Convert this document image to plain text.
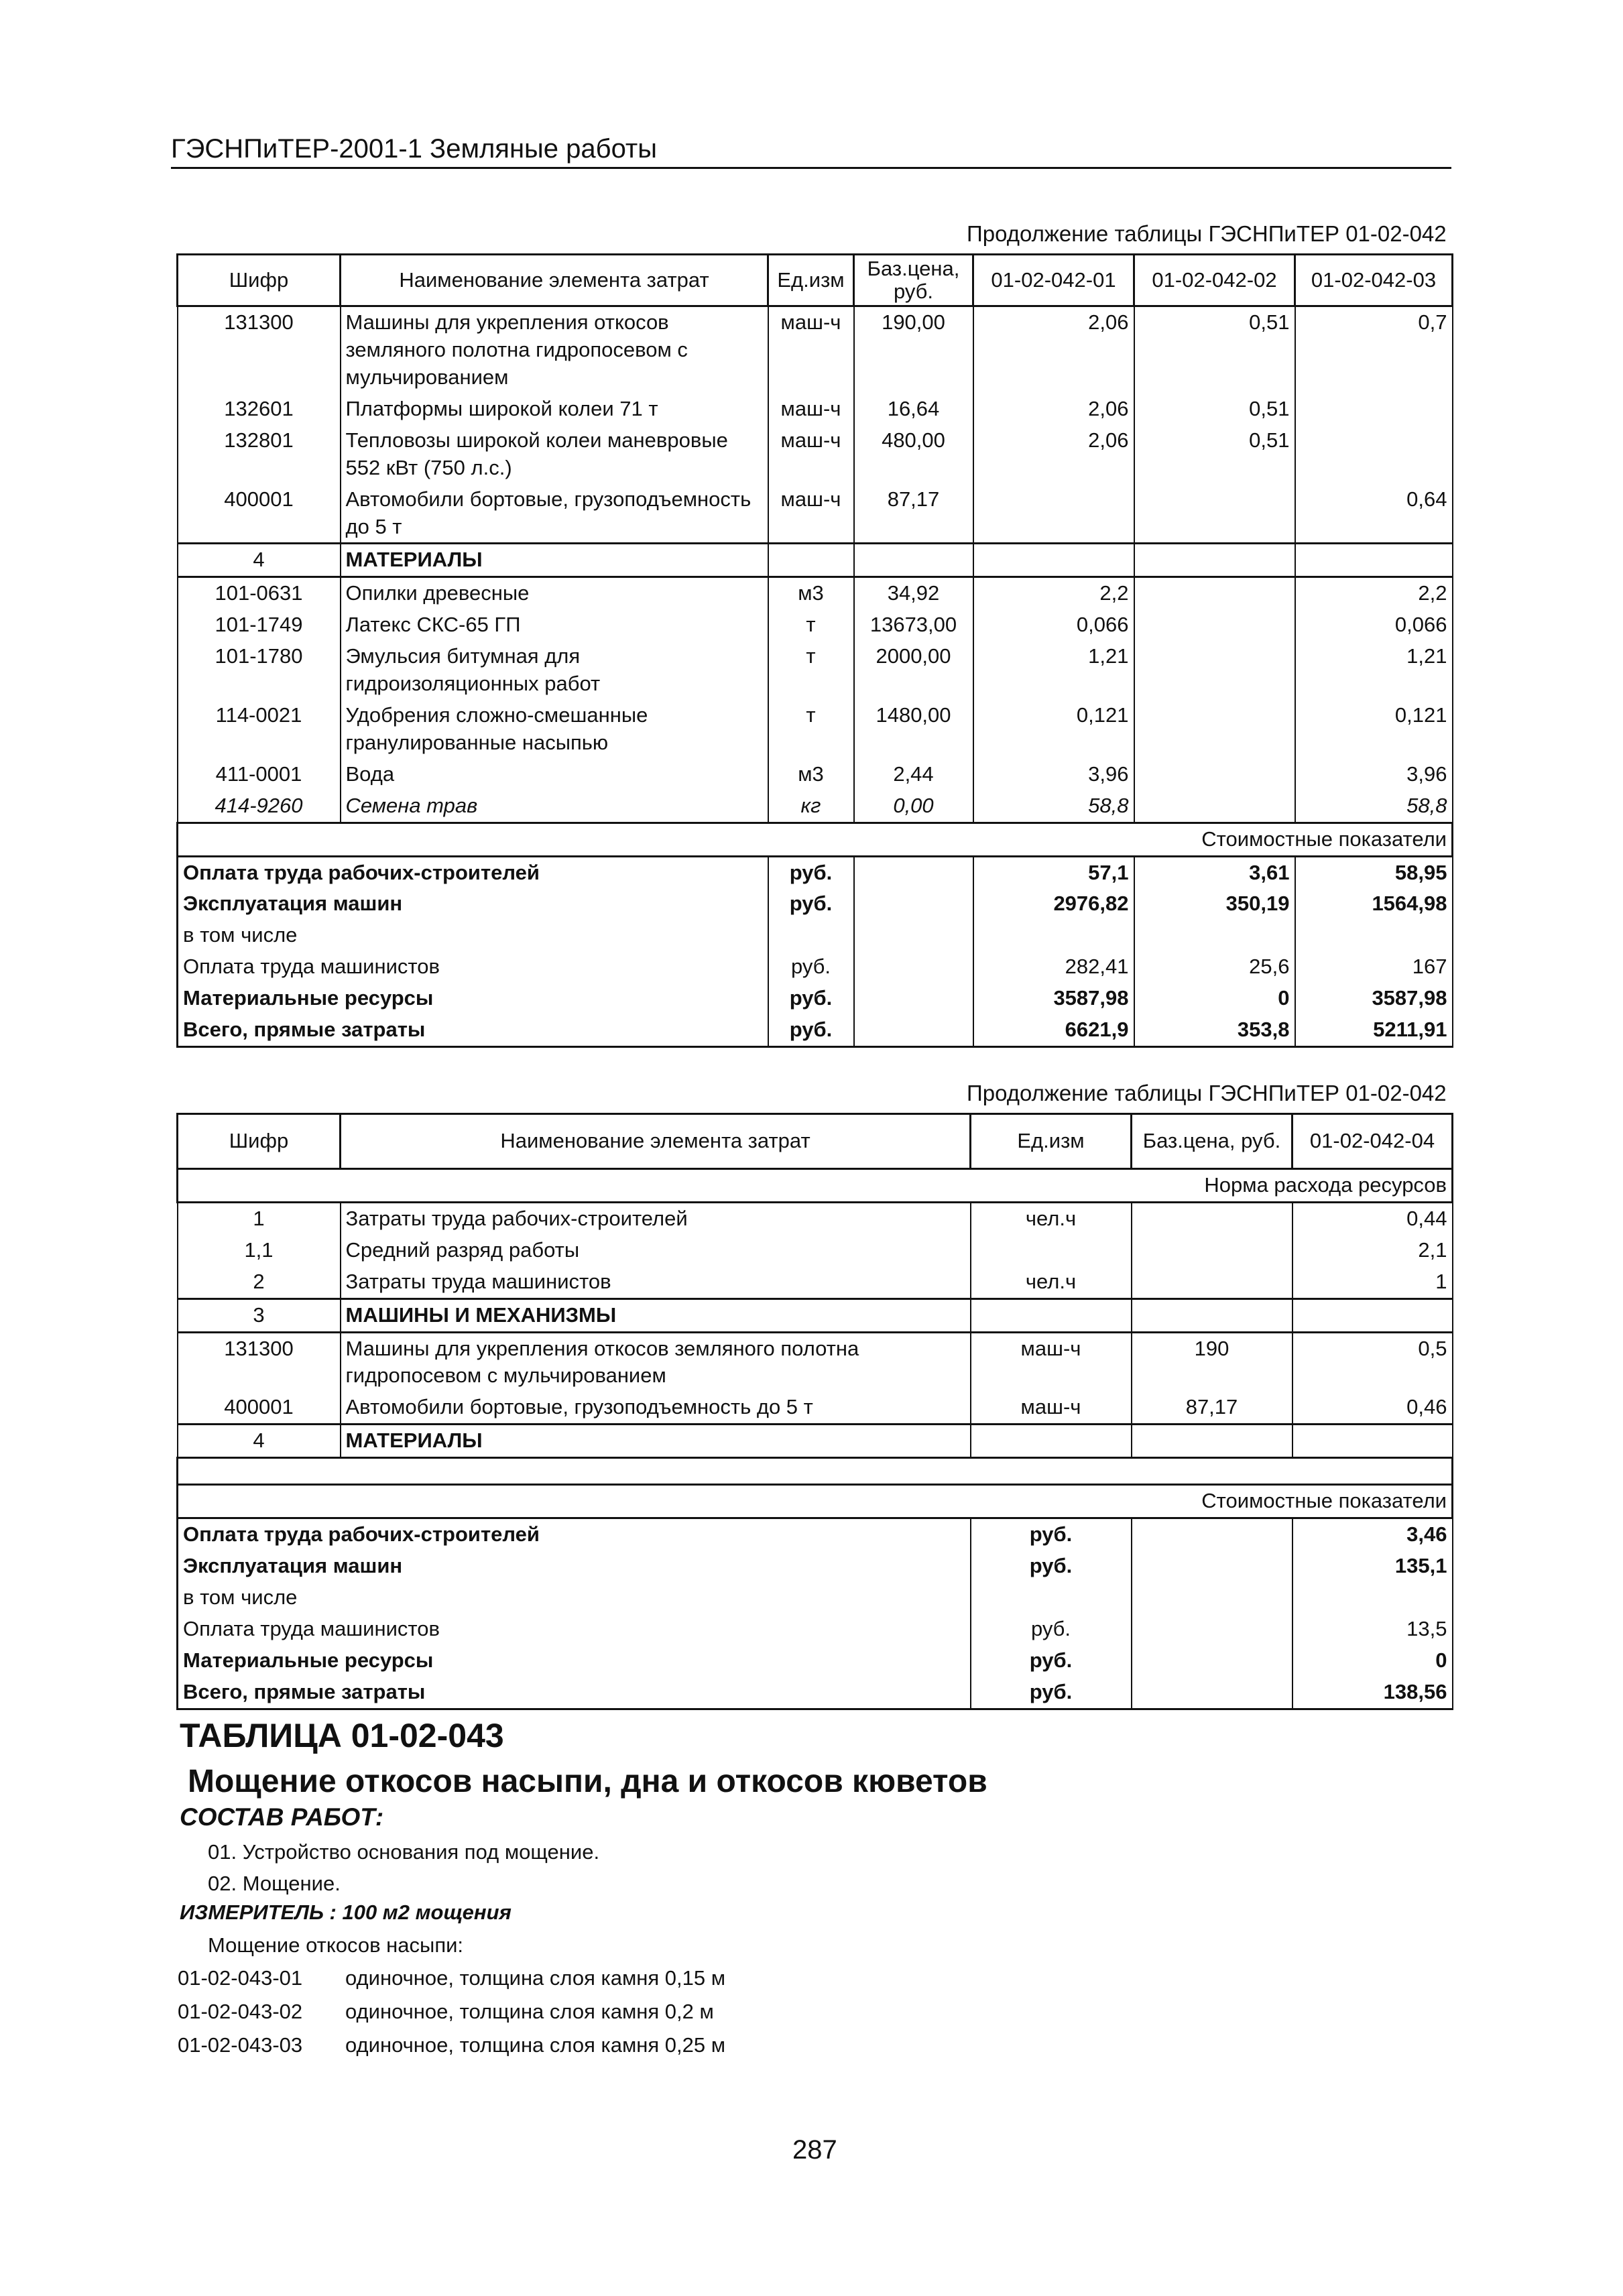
ГЭСНПиТЕР-2001-1 Земляные работы
Продолжение таблицы ГЭСНПиТЕР 01-02-042
Шифр	Наименование элемента затрат	Ед.изм	Баз.цена, руб.	01-02-042-01	01-02-042-02	01-02-042-03
131300	Машины для укрепления откосов земляного полотна гидропосевом с мульчированием	маш-ч	190,00	2,06	0,51	0,7
132601	Платформы широкой колеи 71 т	маш-ч	16,64	2,06	0,51	
132801	Тепловозы широкой колеи маневровые 552 кВт (750 л.с.)	маш-ч	480,00	2,06	0,51	
400001	Автомобили бортовые, грузоподъемность до 5 т	маш-ч	87,17			0,64
4	МАТЕРИАЛЫ					
101-0631	Опилки древесные	м3	34,92	2,2		2,2
101-1749	Латекс СКС-65 ГП	т	13673,00	0,066		0,066
101-1780	Эмульсия битумная для гидроизоляционных работ	т	2000,00	1,21		1,21
114-0021	Удобрения сложно-смешанные гранулированные насыпью	т	1480,00	0,121		0,121
411-0001	Вода	м3	2,44	3,96		3,96
414-9260	Семена трав	кг	0,00	58,8		58,8
Стоимостные показатели						
Оплата труда рабочих-строителей		руб.		57,1	3,61	58,95
Эксплуатация машин		руб.		2976,82	350,19	1564,98
в том числе						
Оплата труда машинистов		руб.		282,41	25,6	167
Материальные ресурсы		руб.		3587,98	0	3587,98
Всего, прямые затраты		руб.		6621,9	353,8	5211,91
Продолжение таблицы ГЭСНПиТЕР 01-02-042
Шифр	Наименование элемента затрат	Ед.изм	Баз.цена, руб.	01-02-042-04
Норма расхода ресурсов				
1	Затраты труда рабочих-строителей	чел.ч		0,44
1,1	Средний разряд работы			2,1
2	Затраты труда машинистов	чел.ч		1
3	МАШИНЫ И МЕХАНИЗМЫ			
131300	Машины для укрепления откосов земляного полотна гидропосевом с мульчированием	маш-ч	190	0,5
400001	Автомобили бортовые, грузоподъемность до 5 т	маш-ч	87,17	0,46
4	МАТЕРИАЛЫ			

Стоимостные показатели				
Оплата труда рабочих-строителей		руб.		3,46
Эксплуатация машин		руб.		135,1
в том числе				
Оплата труда машинистов		руб.		13,5
Материальные ресурсы		руб.		0
Всего, прямые затраты		руб.		138,56
ТАБЛИЦА 01-02-043
Мощение откосов насыпи, дна и откосов кюветов
СОСТАВ РАБОТ:
01. Устройство основания под мощение.
02. Мощение.
ИЗМЕРИТЕЛЬ : 100 м2 мощения
Мощение откосов насыпи:
01-02-043-01 одиночное, толщина слоя камня 0,15 м
01-02-043-02 одиночное, толщина слоя камня 0,2 м
01-02-043-03 одиночное, толщина слоя камня 0,25 м
287
